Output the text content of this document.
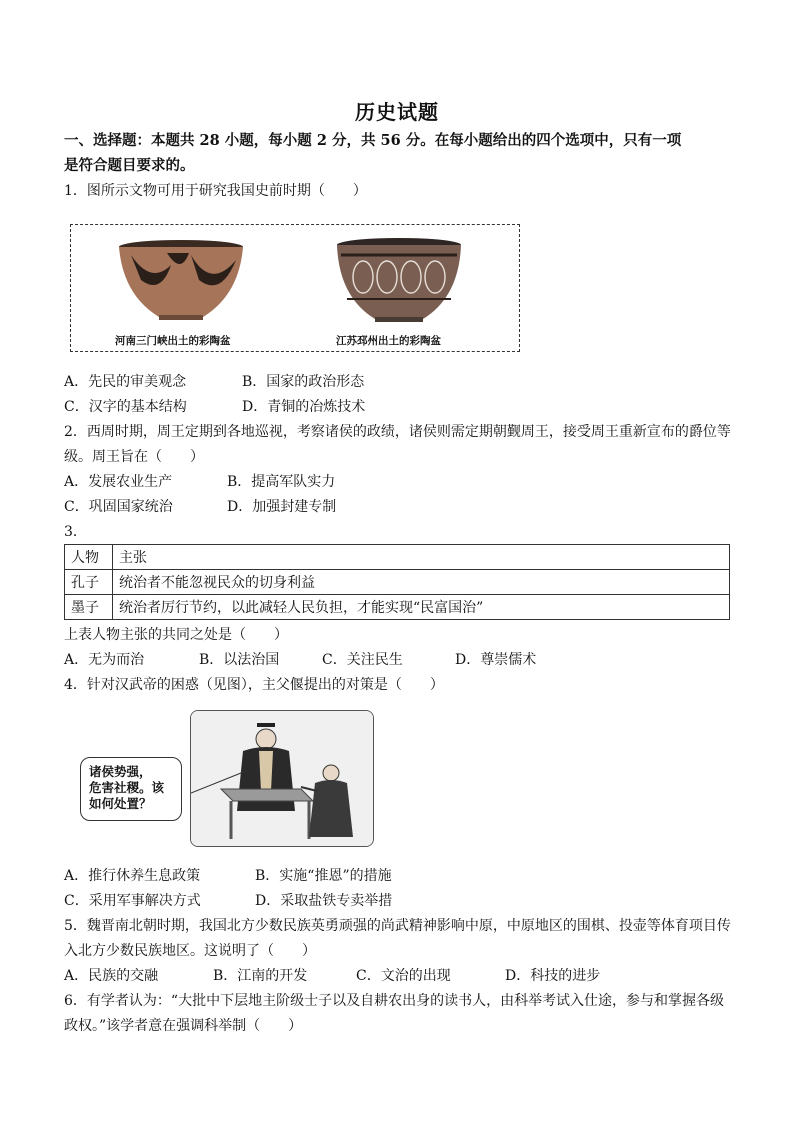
历史试题
一、选择题：本题共 28 小题，每小题 2 分，共 56 分。在每小题给出的四个选项中，只有一项
是符合题目要求的。
1．图所示文物可用于研究我国史前时期（　　）
河南三门峡出土的彩陶盆	江苏邳州出土的彩陶盆
A．先民的审美观念	B．国家的政治形态
C．汉字的基本结构	D．青铜的冶炼技术
2．西周时期，周王定期到各地巡视，考察诸侯的政绩，诸侯则需定期朝觐周王，接受周王重新宣布的爵位等
级。周王旨在（　　）
A．发展农业生产	B．提高军队实力
C．巩固国家统治	D．加强封建专制
3．
人物	主张
孔子	统治者不能忽视民众的切身利益
墨子	统治者厉行节约，以此减轻人民负担，才能实现“民富国治”
上表人物主张的共同之处是（　　）
A．无为而治	B．以法治国	C．关注民生	D．尊崇儒术
4．针对汉武帝的困惑（见图），主父偃提出的对策是（　　）
诸侯势强，
危害社稷。该
如何处置？
A．推行休养生息政策	B．实施“推恩”的措施
C．采用军事解决方式	D．采取盐铁专卖举措
5．魏晋南北朝时期，我国北方少数民族英勇顽强的尚武精神影响中原，中原地区的围棋、投壶等体育项目传
入北方少数民族地区。这说明了（　　）
A．民族的交融	B．江南的开发	C．文治的出现	D．科技的进步
6．有学者认为：“大批中下层地主阶级士子以及自耕农出身的读书人，由科举考试入仕途，参与和掌握各级
政权。”该学者意在强调科举制（　　）
